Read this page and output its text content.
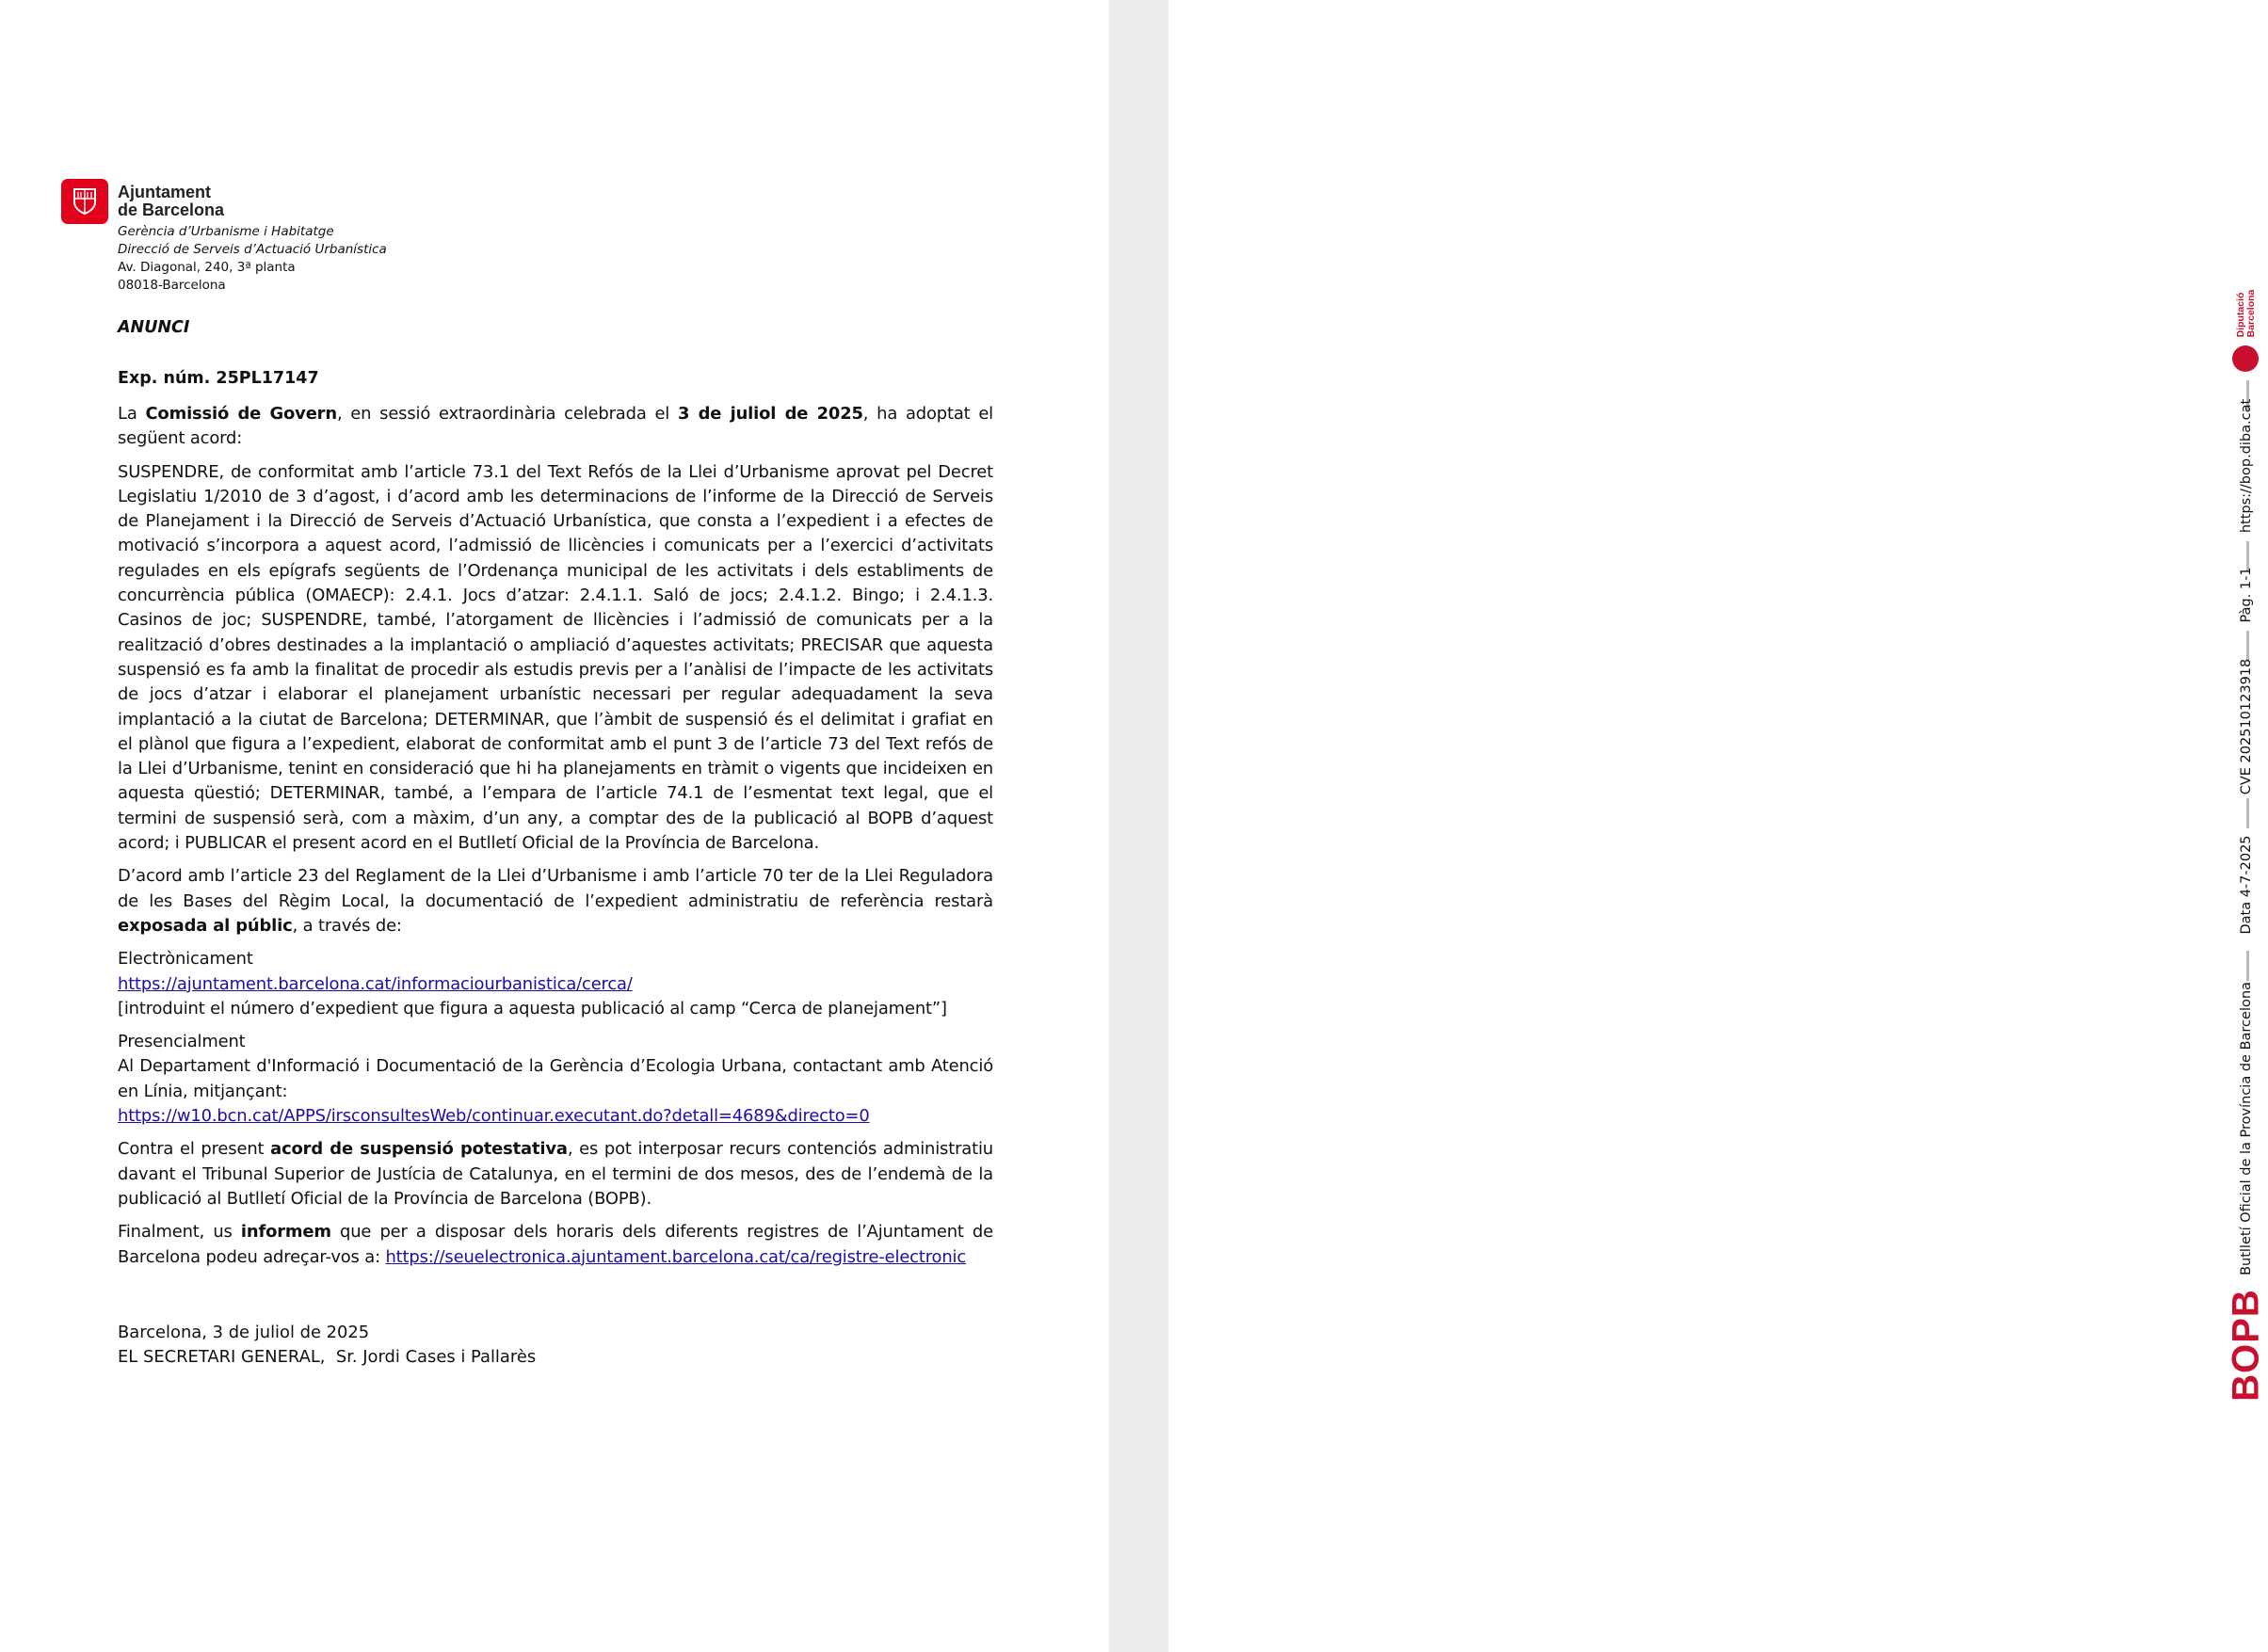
Ajuntament
de Barcelona
Gerència d’Urbanisme i Habitatge
Direcció de Serveis d’Actuació Urbanística
Av. Diagonal, 240, 3ª planta
08018-Barcelona
ANUNCI
Exp. núm. 25PL17147

La Comissió de Govern, en sessió extraordinària celebrada el 3 de juliol de 2025, ha adoptat el següent acord:

SUSPENDRE, de conformitat amb l’article 73.1 del Text Refós de la Llei d’Urbanisme aprovat pel Decret Legislatiu 1/2010 de 3 d’agost, i d’acord amb les determinacions de l’informe de la Direcció de Serveis de Planejament i la Direcció de Serveis d’Actuació Urbanística, que consta a l’expedient i a efectes de motivació s’incorpora a aquest acord, l’admissió de llicències i comunicats per a l’exercici d’activitats regulades en els epígrafs següents de l’Ordenança municipal de les activitats i dels establiments de concurrència pública (OMAECP): 2.4.1. Jocs d’atzar: 2.4.1.1. Saló de jocs; 2.4.1.2. Bingo; i 2.4.1.3. Casinos de joc; SUSPENDRE, també, l’atorgament de llicències i l’admissió de comunicats per a la realització d’obres destinades a la implantació o ampliació d’aquestes activitats; PRECISAR que aquesta suspensió es fa amb la finalitat de procedir als estudis previs per a l’anàlisi de l’impacte de les activitats de jocs d’atzar i elaborar el planejament urbanístic necessari per regular adequadament la seva implantació a la ciutat de Barcelona; DETERMINAR, que l’àmbit de suspensió és el delimitat i grafiat en el plànol que figura a l’expedient, elaborat de conformitat amb el punt 3 de l’article 73 del Text refós de la Llei d’Urbanisme, tenint en consideració que hi ha planejaments en tràmit o vigents que incideixen en aquesta qüestió; DETERMINAR, també, a l’empara de l’article 74.1 de l’esmentat text legal, que el termini de suspensió serà, com a màxim, d’un any, a comptar des de la publicació al BOPB d’aquest acord; i PUBLICAR el present acord en el Butlletí Oficial de la Província de Barcelona.

D’acord amb l’article 23 del Reglament de la Llei d’Urbanisme i amb l’article 70 ter de la Llei Reguladora de les Bases del Règim Local, la documentació de l’expedient administratiu de referència restarà exposada al públic, a través de:

Electrònicament
https://ajuntament.barcelona.cat/informaciourbanistica/cerca/
[introduint el número d’expedient que figura a aquesta publicació al camp “Cerca de planejament”]
Presencialment
Al Departament d'Informació i Documentació de la Gerència d’Ecologia Urbana, contactant amb Atenció en Línia, mitjançant:
https://w10.bcn.cat/APPS/irsconsultesWeb/continuar.executant.do?detall=4689&directo=0

Contra el present acord de suspensió potestativa, es pot interposar recurs contenciós administratiu davant el Tribunal Superior de Justícia de Catalunya, en el termini de dos mesos, des de l’endemà de la publicació al Butlletí Oficial de la Província de Barcelona (BOPB).

Finalment, us informem que per a disposar dels horaris dels diferents registres de l’Ajuntament de Barcelona podeu adreçar-vos a: https://seuelectronica.ajuntament.barcelona.cat/ca/registre-electronic

Barcelona, 3 de juliol de 2025
EL SECRETARI GENERAL,  Sr. Jordi Cases i Pallarès
Diputació Barcelona
https://bop.diba.cat
Pàg. 1-1
CVE 202510123918
Data 4-7-2025
Butlletí Oficial de la Província de Barcelona
BOPB
